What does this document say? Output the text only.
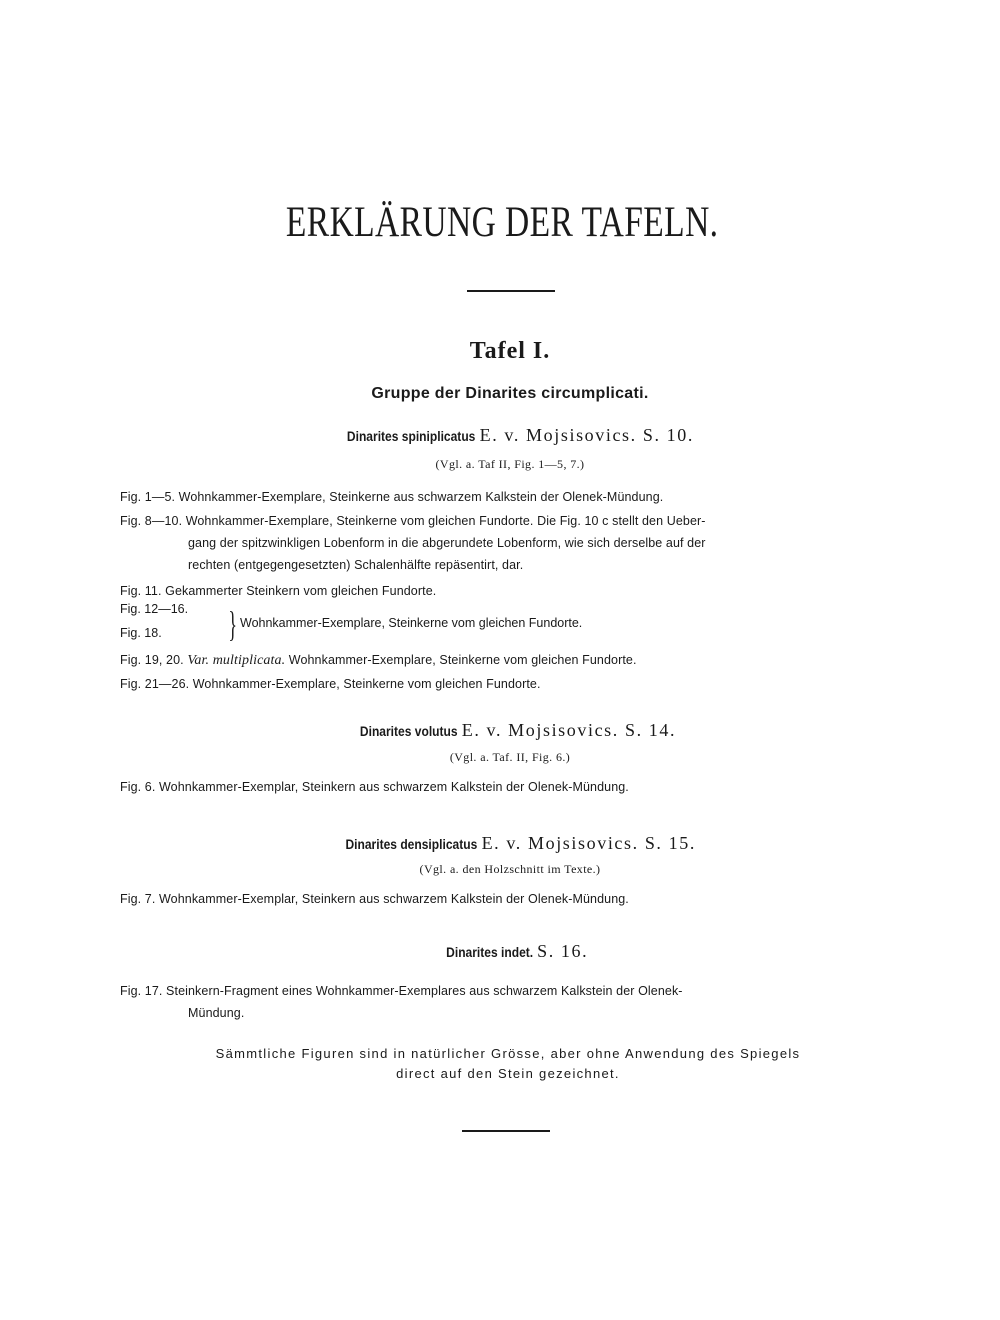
ERKLÄRUNG DER TAFELN.
Tafel I.
Gruppe der Dinarites circumplicati.
Dinarites spiniplicatus E. v. Mojsisovics. S. 10.
(Vgl. a. Taf II, Fig. 1—5, 7.)
Fig. 1—5. Wohnkammer-Exemplare, Steinkerne aus schwarzem Kalkstein der Olenek-Mündung.
Fig. 8—10. Wohnkammer-Exemplare, Steinkerne vom gleichen Fundorte. Die Fig. 10 c stellt den Ueber-
gang der spitzwinkligen Lobenform in die abgerundete Lobenform, wie sich derselbe auf der
rechten (entgegengesetzten) Schalenhälfte repäsentirt, dar.
Fig. 11. Gekammerter Steinkern vom gleichen Fundorte.
Fig. 12—16.
Fig. 18. } Wohnkammer-Exemplare, Steinkerne vom gleichen Fundorte.
Fig. 19, 20. Var. multiplicata. Wohnkammer-Exemplare, Steinkerne vom gleichen Fundorte.
Fig. 21—26. Wohnkammer-Exemplare, Steinkerne vom gleichen Fundorte.
Dinarites volutus E. v. Mojsisovics. S. 14.
(Vgl. a. Taf. II, Fig. 6.)
Fig. 6. Wohnkammer-Exemplar, Steinkern aus schwarzem Kalkstein der Olenek-Mündung.
Dinarites densiplicatus E. v. Mojsisovics. S. 15.
(Vgl. a. den Holzschnitt im Texte.)
Fig. 7. Wohnkammer-Exemplar, Steinkern aus schwarzem Kalkstein der Olenek-Mündung.
Dinarites indet. S. 16.
Fig. 17. Steinkern-Fragment eines Wohnkammer-Exemplares aus schwarzem Kalkstein der Olenek-
Mündung.
Sämmtliche Figuren sind in natürlicher Grösse, aber ohne Anwendung des Spiegels
direct auf den Stein gezeichnet.
